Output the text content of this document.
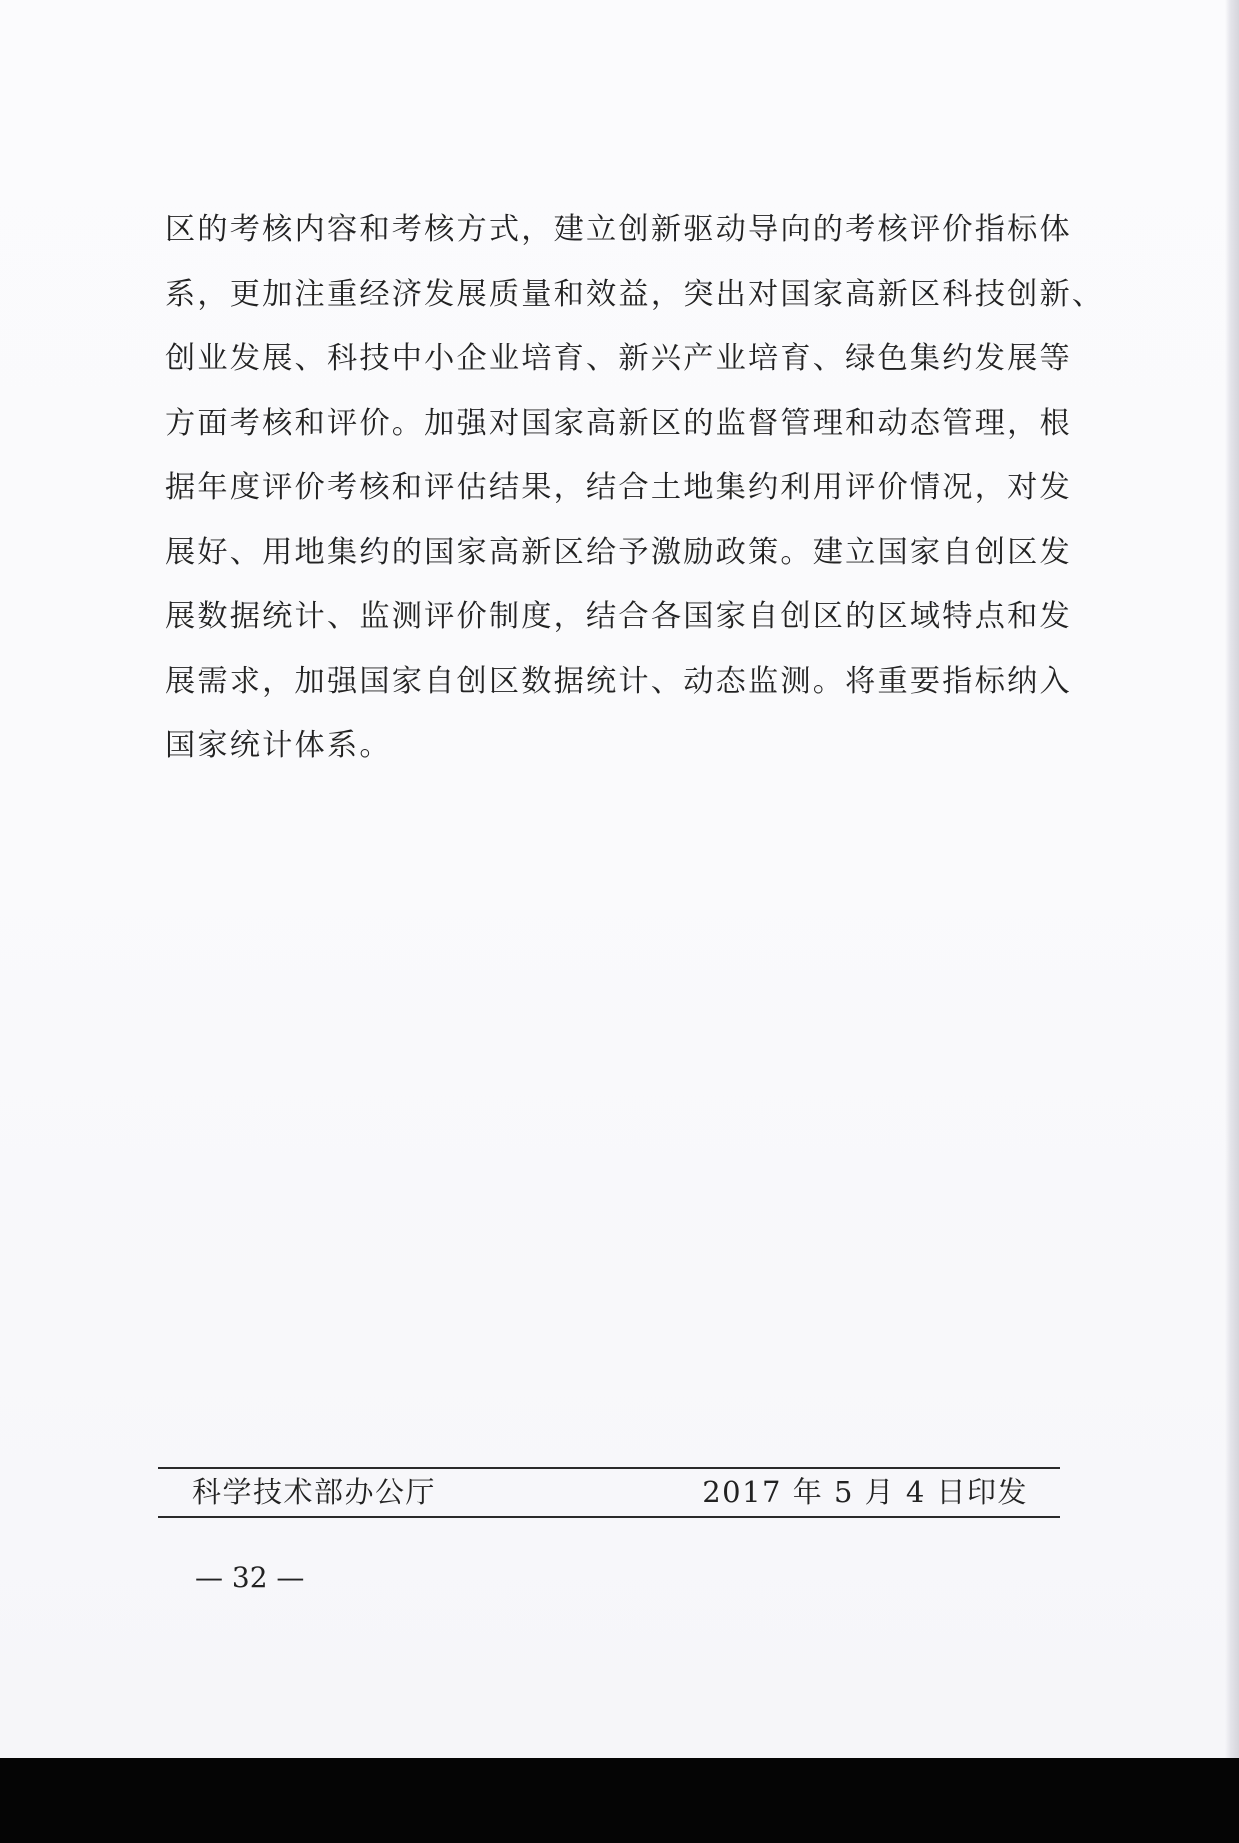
区的考核内容和考核方式，建立创新驱动导向的考核评价指标体
系，更加注重经济发展质量和效益，突出对国家高新区科技创新、
创业发展、科技中小企业培育、新兴产业培育、绿色集约发展等
方面考核和评价。加强对国家高新区的监督管理和动态管理，根
据年度评价考核和评估结果，结合土地集约利用评价情况，对发
展好、用地集约的国家高新区给予激励政策。建立国家自创区发
展数据统计、监测评价制度，结合各国家自创区的区域特点和发
展需求，加强国家自创区数据统计、动态监测。将重要指标纳入
国家统计体系。
科学技术部办公厅	2017 年 5 月 4 日印发
— 32 —
